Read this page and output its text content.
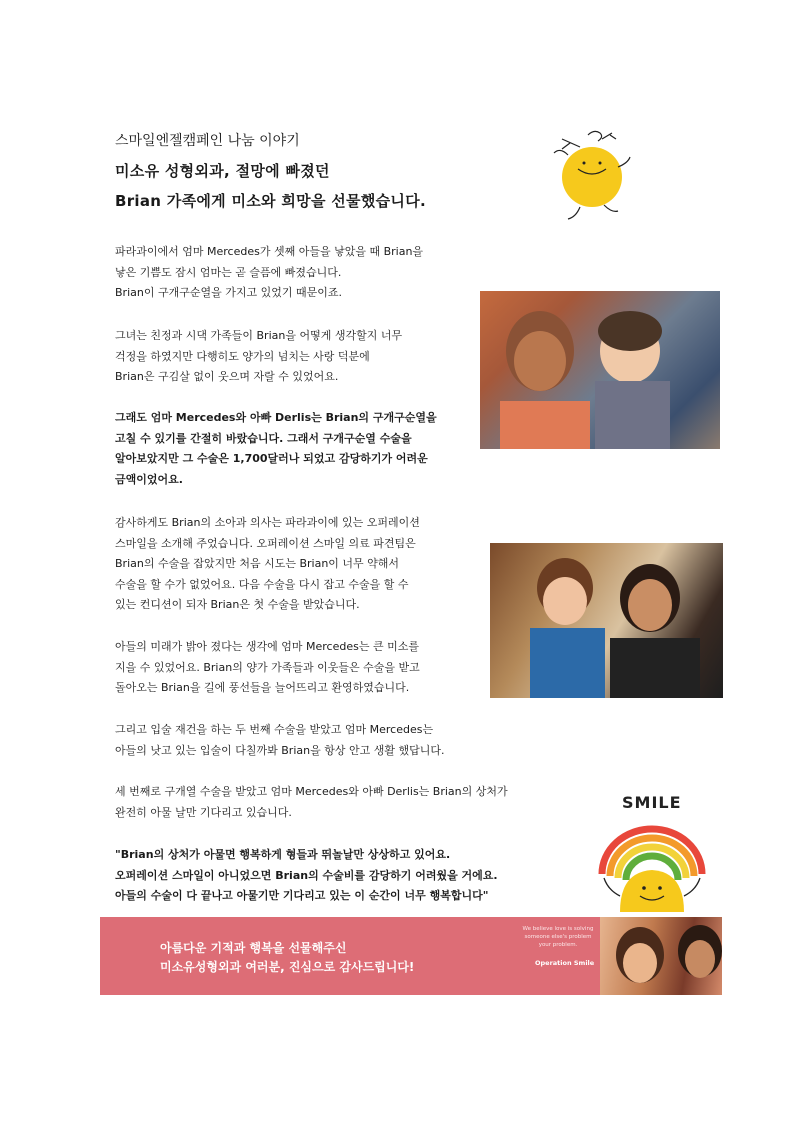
스마일엔젤캠페인 나눔 이야기
미소유 성형외과, 절망에 빠졌던
Brian 가족에게 미소와 희망을 선물했습니다.
파라과이에서 엄마 Mercedes가 셋째 아들을 낳았을 때 Brian을
낳은 기쁨도 잠시 엄마는 곧 슬픔에 빠졌습니다.
Brian이 구개구순열을 가지고 있었기 때문이죠.
그녀는 친정과 시댁 가족들이 Brian을 어떻게 생각할지 너무
걱정을 하였지만 다행히도 양가의 넘치는 사랑 덕분에
Brian은 구김살 없이 웃으며 자랄 수 있었어요.
그래도 엄마 Mercedes와 아빠 Derlis는 Brian의 구개구순열을
고칠 수 있기를 간절히 바랐습니다. 그래서 구개구순열 수술을
알아보았지만 그 수술은 1,700달러나 되었고 감당하기가 어려운
금액이었어요.
감사하게도 Brian의 소아과 의사는 파라과이에 있는 오퍼레이션
스마일을 소개해 주었습니다. 오퍼레이션 스마일 의료 파견팀은
Brian의 수술을 잡았지만 처음 시도는 Brian이 너무 약해서
수술을 할 수가 없었어요. 다음 수술을 다시 잡고 수술을 할 수
있는 컨디션이 되자 Brian은 첫 수술을 받았습니다.
아들의 미래가 밝아 졌다는 생각에 엄마 Mercedes는 큰 미소를
지을 수 있었어요. Brian의 양가 가족들과 이웃들은 수술을 받고
돌아오는 Brian을 길에 풍선들을 늘어뜨리고 환영하였습니다.
그리고 입술 재건을 하는 두 번째 수술을 받았고 엄마 Mercedes는
아들의 낫고 있는 입술이 다칠까봐 Brian을 항상 안고 생활 했답니다.
세 번째로 구개열 수술을 받았고 엄마 Mercedes와 아빠 Derlis는 Brian의 상처가
완전히 아물 날만 기다리고 있습니다.
"Brian의 상처가 아물면 행복하게 형들과 뛰놀날만 상상하고 있어요.
오퍼레이션 스마일이 아니었으면 Brian의 수술비를 감당하기 어려웠을 거에요.
아들의 수술이 다 끝나고 아물기만 기다리고 있는 이 순간이 너무 행복합니다"
SMILE
아름다운 기적과 행복을 선물해주신
미소유성형외과 여러분, 진심으로 감사드립니다!
We believe love is solving someone else's problem your problem.
Operation Smile
